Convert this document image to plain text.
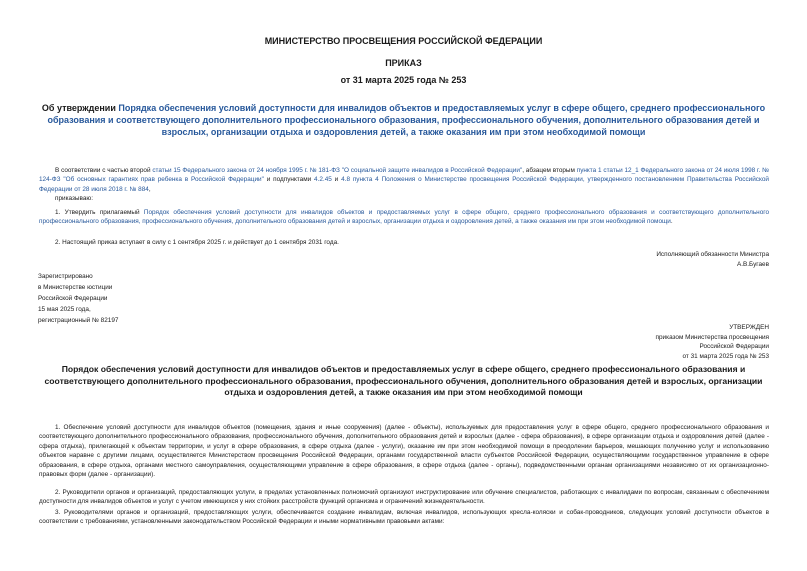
МИНИСТЕРСТВО ПРОСВЕЩЕНИЯ РОССИЙСКОЙ ФЕДЕРАЦИИ
ПРИКАЗ
от 31 марта 2025 года № 253
Об утверждении Порядка обеспечения условий доступности для инвалидов объектов и предоставляемых услуг в сфере общего, среднего профессионального образования и соответствующего дополнительного профессионального образования, профессионального обучения, дополнительного образования детей и взрослых, организации отдыха и оздоровления детей, а также оказания им при этом необходимой помощи
В соответствии с частью второй статьи 15 Федерального закона от 24 ноября 1995 г. № 181-ФЗ "О социальной защите инвалидов в Российской Федерации", абзацем вторым пункта 1 статьи 12_1 Федерального закона от 24 июля 1998 г. № 124-ФЗ "Об основных гарантиях прав ребенка в Российской Федерации" и подпунктами 4.2.45 и 4.8 пункта 4 Положения о Министерстве просвещения Российской Федерации, утвержденного постановлением Правительства Российской Федерации от 28 июля 2018 г. № 884,
приказываю:
1. Утвердить прилагаемый Порядок обеспечения условий доступности для инвалидов объектов и предоставляемых услуг в сфере общего, среднего профессионального образования и соответствующего дополнительного профессионального образования, профессионального обучения, дополнительного образования детей и взрослых, организации отдыха и оздоровления детей, а также оказания им при этом необходимой помощи.
2. Настоящий приказ вступает в силу с 1 сентября 2025 г. и действует до 1 сентября 2031 года.
Исполняющий обязанности Министра
А.В.Бугаев
Зарегистрировано
в Министерстве юстиции
Российской Федерации
15 мая 2025 года,
регистрационный № 82197
УТВЕРЖДЕН
приказом Министерства просвещения
Российской Федерации
от 31 марта 2025 года № 253
Порядок обеспечения условий доступности для инвалидов объектов и предоставляемых услуг в сфере общего, среднего профессионального образования и соответствующего дополнительного профессионального образования, профессионального обучения, дополнительного образования детей и взрослых, организации отдыха и оздоровления детей, а также оказания им при этом необходимой помощи
1. Обеспечение условий доступности для инвалидов объектов (помещения, здания и иные сооружения) (далее - объекты), используемых для предоставления услуг в сфере общего, среднего профессионального образования и соответствующего дополнительного профессионального образования, профессионального обучения, дополнительного образования детей и взрослых (далее - сфера образования), в сфере организации отдыха и оздоровления детей (далее - сфера отдыха), прилегающей к объектам территории, и услуг в сфере образования, в сфере отдыха (далее - услуги), оказание им при этом необходимой помощи в преодолении барьеров, мешающих получению услуг и использованию объектов наравне с другими лицами, осуществляется Министерством просвещения Российской Федерации, органами государственной власти субъектов Российской Федерации, осуществляющими государственное управление в сфере образования, в сфере отдыха, органами местного самоуправления, осуществляющими управление в сфере образования, в сфере отдыха (далее - органы), подведомственными органам организациями независимо от их организационно-правовых форм (далее - организации).
2. Руководители органов и организаций, предоставляющих услуги, в пределах установленных полномочий организуют инструктирование или обучение специалистов, работающих с инвалидами по вопросам, связанным с обеспечением доступности для инвалидов объектов и услуг с учетом имеющихся у них стойких расстройств функций организма и ограничений жизнедеятельности.
3. Руководителями органов и организаций, предоставляющих услуги, обеспечивается создание инвалидам, включая инвалидов, использующих кресла-коляски и собак-проводников, следующих условий доступности объектов в соответствии с требованиями, установленными законодательством Российской Федерации и иными нормативными правовыми актами:
